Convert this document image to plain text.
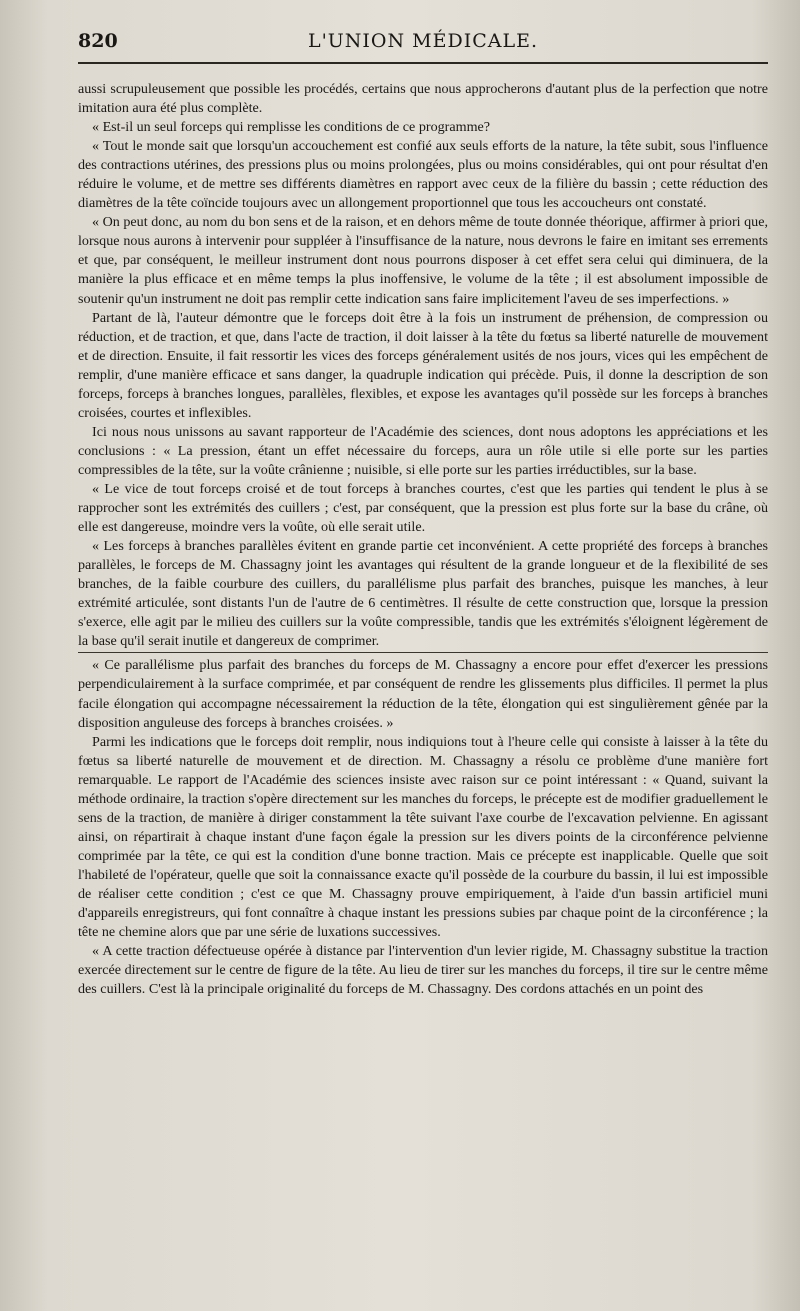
820	L'UNION MÉDICALE.

aussi scrupuleusement que possible les procédés, certains que nous approcherons d'autant plus de la perfection que notre imitation aura été plus complète.

« Est-il un seul forceps qui remplisse les conditions de ce programme?

« Tout le monde sait que lorsqu'un accouchement est confié aux seuls efforts de la nature, la tête subit, sous l'influence des contractions utérines, des pressions plus ou moins prolongées, plus ou moins considérables, qui ont pour résultat d'en réduire le volume, et de mettre ses différents diamètres en rapport avec ceux de la filière du bassin ; cette réduction des diamètres de la tête coïncide toujours avec un allongement proportionnel que tous les accoucheurs ont constaté.

« On peut donc, au nom du bon sens et de la raison, et en dehors même de toute donnée théorique, affirmer à priori que, lorsque nous aurons à intervenir pour suppléer à l'insuffisance de la nature, nous devrons le faire en imitant ses errements et que, par conséquent, le meilleur instrument dont nous pourrons disposer à cet effet sera celui qui diminuera, de la manière la plus efficace et en même temps la plus inoffensive, le volume de la tête ; il est absolument impossible de soutenir qu'un instrument ne doit pas remplir cette indication sans faire implicitement l'aveu de ses imperfections. »

Partant de là, l'auteur démontre que le forceps doit être à la fois un instrument de préhension, de compression ou réduction, et de traction, et que, dans l'acte de traction, il doit laisser à la tête du fœtus sa liberté naturelle de mouvement et de direction. Ensuite, il fait ressortir les vices des forceps généralement usités de nos jours, vices qui les empêchent de remplir, d'une manière efficace et sans danger, la quadruple indication qui précède. Puis, il donne la description de son forceps, forceps à branches longues, parallèles, flexibles, et expose les avantages qu'il possède sur les forceps à branches croisées, courtes et inflexibles.

Ici nous nous unissons au savant rapporteur de l'Académie des sciences, dont nous adoptons les appréciations et les conclusions : « La pression, étant un effet nécessaire du forceps, aura un rôle utile si elle porte sur les parties compressibles de la tête, sur la voûte crânienne ; nuisible, si elle porte sur les parties irréductibles, sur la base.

« Le vice de tout forceps croisé et de tout forceps à branches courtes, c'est que les parties qui tendent le plus à se rapprocher sont les extrémités des cuillers ; c'est, par conséquent, que la pression est plus forte sur la base du crâne, où elle est dangereuse, moindre vers la voûte, où elle serait utile.

« Les forceps à branches parallèles évitent en grande partie cet inconvénient. A cette propriété des forceps à branches parallèles, le forceps de M. Chassagny joint les avantages qui résultent de la grande longueur et de la flexibilité de ses branches, de la faible courbure des cuillers, du parallélisme plus parfait des branches, puisque les manches, à leur extrémité articulée, sont distants l'un de l'autre de 6 centimètres. Il résulte de cette construction que, lorsque la pression s'exerce, elle agit par le milieu des cuillers sur la voûte compressible, tandis que les extrémités s'éloignent légèrement de la base qu'il serait inutile et dangereux de comprimer.

« Ce parallélisme plus parfait des branches du forceps de M. Chassagny a encore pour effet d'exercer les pressions perpendiculairement à la surface comprimée, et par conséquent de rendre les glissements plus difficiles. Il permet la plus facile élongation qui accompagne nécessairement la réduction de la tête, élongation qui est singulièrement gênée par la disposition anguleuse des forceps à branches croisées. »

Parmi les indications que le forceps doit remplir, nous indiquions tout à l'heure celle qui consiste à laisser à la tête du fœtus sa liberté naturelle de mouvement et de direction. M. Chassagny a résolu ce problème d'une manière fort remarquable. Le rapport de l'Académie des sciences insiste avec raison sur ce point intéressant : « Quand, suivant la méthode ordinaire, la traction s'opère directement sur les manches du forceps, le précepte est de modifier graduellement le sens de la traction, de manière à diriger constamment la tête suivant l'axe courbe de l'excavation pelvienne. En agissant ainsi, on répartirait à chaque instant d'une façon égale la pression sur les divers points de la circonférence pelvienne comprimée par la tête, ce qui est la condition d'une bonne traction. Mais ce précepte est inapplicable. Quelle que soit l'habileté de l'opérateur, quelle que soit la connaissance exacte qu'il possède de la courbure du bassin, il lui est impossible de réaliser cette condition ; c'est ce que M. Chassagny prouve empiriquement, à l'aide d'un bassin artificiel muni d'appareils enregistreurs, qui font connaître à chaque instant les pressions subies par chaque point de la circonférence ; la tête ne chemine alors que par une série de luxations successives.

« A cette traction défectueuse opérée à distance par l'intervention d'un levier rigide, M. Chassagny substitue la traction exercée directement sur le centre de figure de la tête. Au lieu de tirer sur les manches du forceps, il tire sur le centre même des cuillers. C'est là la principale originalité du forceps de M. Chassagny. Des cordons attachés en un point des
